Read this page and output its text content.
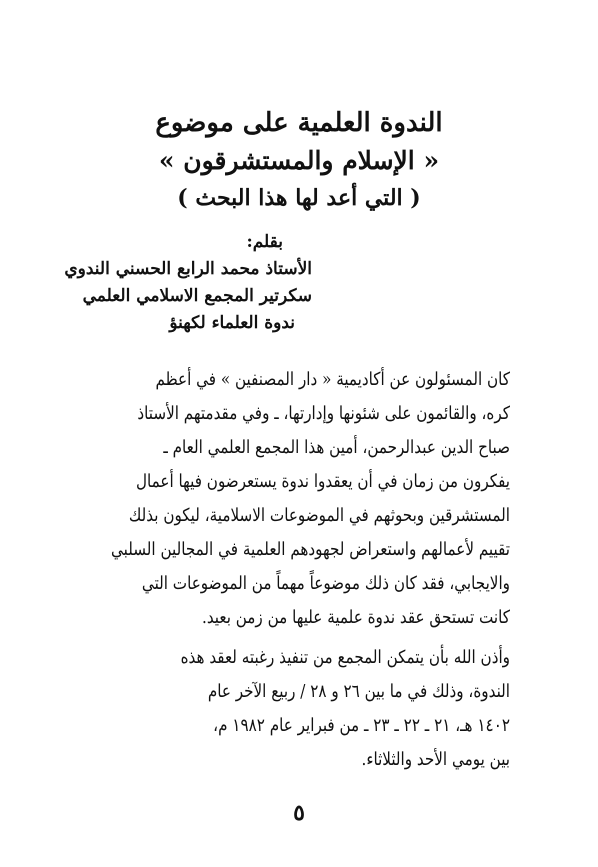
الندوة العلمية على موضوع
« الإسلام والمستشرقون »
( التي أعد لها هذا البحث )
بقلم:
الأستاذ محمد الرابع الحسني الندوي
سكرتير المجمع الاسلامي العلمي
ندوة العلماء لكهنؤ
كان المسئولون عن أكاديمية « دار المصنفين » في أعظم
كره، والقائمون على شئونها وإدارتها، ـ وفي مقدمتهم الأستاذ
صباح الدين عبدالرحمن، أمين هذا المجمع العلمي العام ـ
يفكرون من زمان في أن يعقدوا ندوة يستعرضون فيها أعمال
المستشرقين وبحوثهم في الموضوعات الاسلامية، ليكون بذلك
تقييم لأعمالهم واستعراض لجهودهم العلمية في المجالين السلبي
والايجابي، فقد كان ذلك موضوعاً مهماً من الموضوعات التي
كانت تستحق عقد ندوة علمية عليها من زمن بعيد.
وأذن الله بأن يتمكن المجمع من تنفيذ رغبته لعقد هذه
الندوة، وذلك في ما بين ٢٦ و ٢٨ / ربيع الآخر عام
١٤٠٢ هـ، ٢١ ـ ٢٢ ـ ٢٣ ـ من فبراير عام ١٩٨٢ م،
بين يومي الأحد والثلاثاء.
٥
